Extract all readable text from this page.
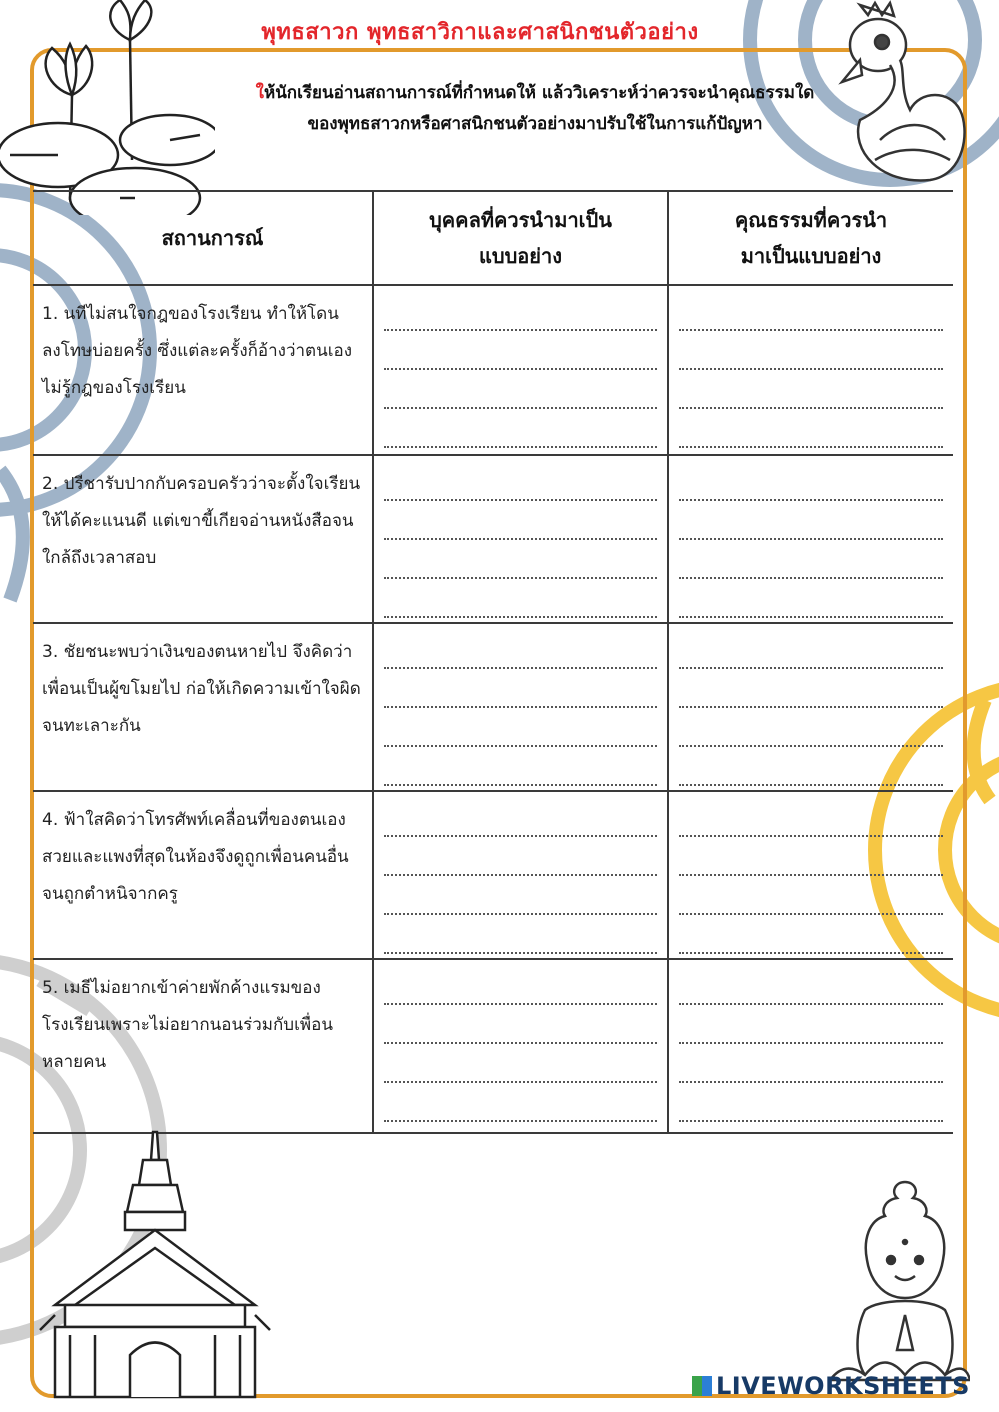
พุทธสาวก พุทธสาวิกาและศาสนิกชนตัวอย่าง
ให้นักเรียนอ่านสถานการณ์ที่กำหนดให้ แล้ววิเคราะห์ว่าควรจะนำคุณธรรมใด
ของพุทธสาวกหรือศาสนิกชนตัวอย่างมาปรับใช้ในการแก้ปัญหา
สถานการณ์	บุคคลที่ควรนำมาเป็นแบบอย่าง	คุณธรรมที่ควรนำมาเป็นแบบอย่าง
1. นทีไม่สนใจกฎของโรงเรียน ทำให้โดนลงโทษบ่อยครั้ง ซึ่งแต่ละครั้งก็อ้างว่าตนเองไม่รู้กฎของโรงเรียน	

2. ปรีชารับปากกับครอบครัวว่าจะตั้งใจเรียนให้ได้คะแนนดี แต่เขาขี้เกียจอ่านหนังสือจนใกล้ถึงเวลาสอบ	

3. ชัยชนะพบว่าเงินของตนหายไป จึงคิดว่าเพื่อนเป็นผู้ขโมยไป ก่อให้เกิดความเข้าใจผิดจนทะเลาะกัน	

4. ฟ้าใสคิดว่าโทรศัพท์เคลื่อนที่ของตนเองสวยและแพงที่สุดในห้องจึงดูถูกเพื่อนคนอื่นจนถูกตำหนิจากครู	

5. เมธีไม่อยากเข้าค่ายพักค้างแรมของโรงเรียนเพราะไม่อยากนอนร่วมกับเพื่อนหลายคน	

LIVEWORKSHEETS
